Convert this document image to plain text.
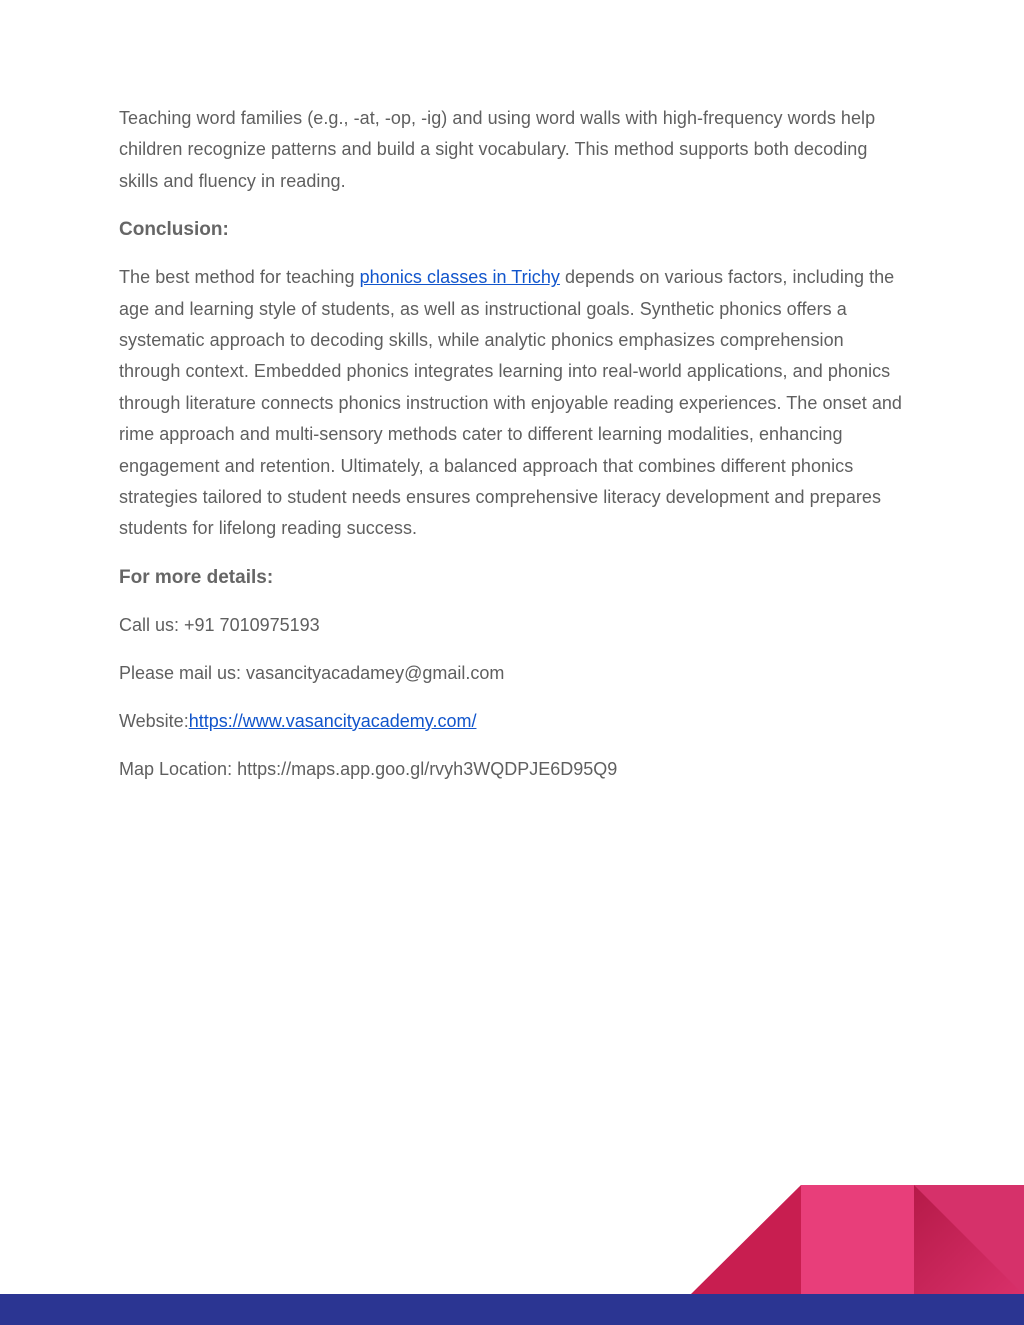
Teaching word families (e.g., -at, -op, -ig) and using word walls with high-frequency words help children recognize patterns and build a sight vocabulary. This method supports both decoding skills and fluency in reading.

Conclusion:

The best method for teaching phonics classes in Trichy depends on various factors, including the age and learning style of students, as well as instructional goals. Synthetic phonics offers a systematic approach to decoding skills, while analytic phonics emphasizes comprehension through context. Embedded phonics integrates learning into real-world applications, and phonics through literature connects phonics instruction with enjoyable reading experiences. The onset and rime approach and multi-sensory methods cater to different learning modalities, enhancing engagement and retention. Ultimately, a balanced approach that combines different phonics strategies tailored to student needs ensures comprehensive literacy development and prepares students for lifelong reading success.

For more details:
Call us: +91 7010975193
Please mail us: vasancityacadamey@gmail.com
Website:https://www.vasancityacademy.com/
Map Location: https://maps.app.goo.gl/rvyh3WQDPJE6D95Q9
